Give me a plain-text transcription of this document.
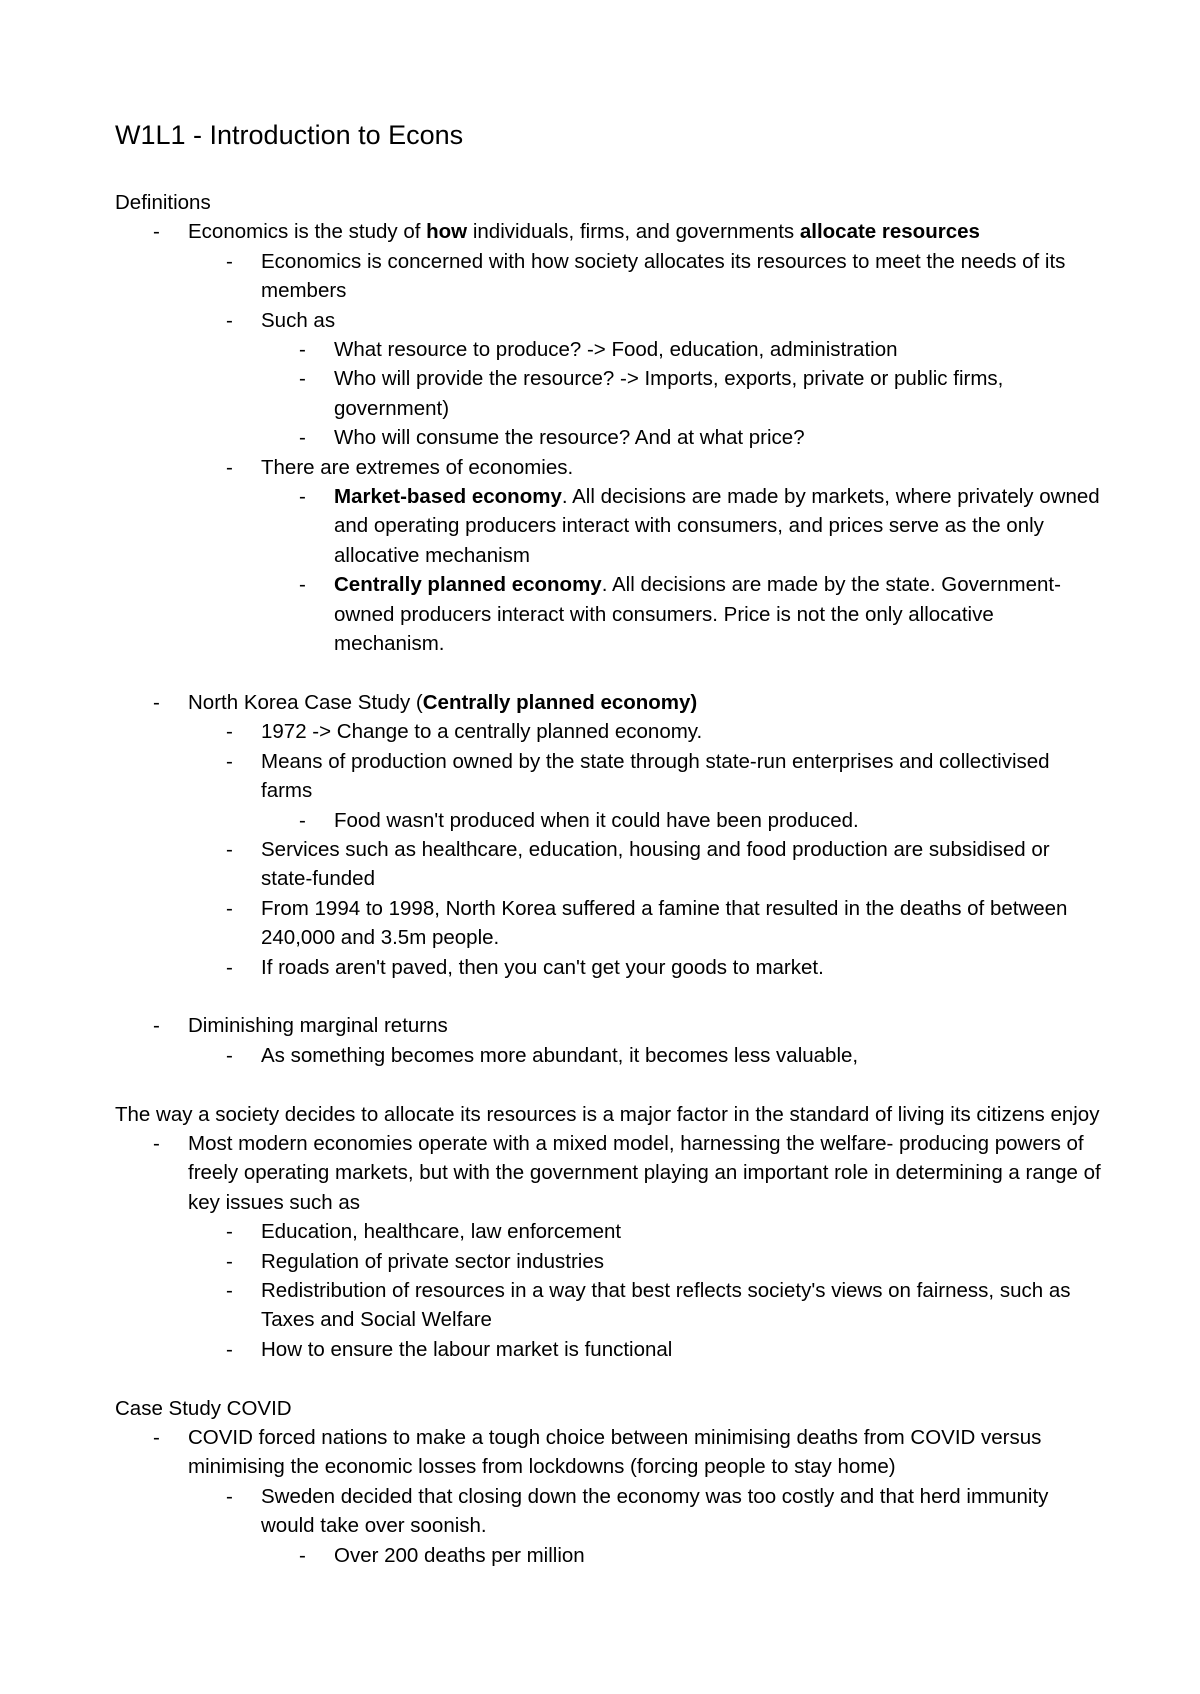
W1L1 - Introduction to Econs

Definitions

- Economics is the study of how individuals, firms, and governments allocate resources
- Economics is concerned with how society allocates its resources to meet the needs of its members
- Such as
- What resource to produce? -> Food, education, administration
- Who will provide the resource? -> Imports, exports, private or public firms, government)
- Who will consume the resource? And at what price?
- There are extremes of economies.
- Market-based economy. All decisions are made by markets, where privately owned and operating producers interact with consumers, and prices serve as the only allocative mechanism
- Centrally planned economy. All decisions are made by the state. Government-owned producers interact with consumers. Price is not the only allocative mechanism.
- North Korea Case Study (Centrally planned economy)
- 1972 -> Change to a centrally planned economy.
- Means of production owned by the state through state-run enterprises and collectivised farms
- Food wasn't produced when it could have been produced.
- Services such as healthcare, education, housing and food production are subsidised or state-funded
- From 1994 to 1998, North Korea suffered a famine that resulted in the deaths of between 240,000 and 3.5m people.
- If roads aren't paved, then you can't get your goods to market.
- Diminishing marginal returns
- As something becomes more abundant, it becomes less valuable,

The way a society decides to allocate its resources is a major factor in the standard of living its citizens enjoy

- Most modern economies operate with a mixed model, harnessing the welfare- producing powers of freely operating markets, but with the government playing an important role in determining a range of key issues such as
- Education, healthcare, law enforcement
- Regulation of private sector industries
- Redistribution of resources in a way that best reflects society's views on fairness, such as Taxes and Social Welfare
- How to ensure the labour market is functional

Case Study COVID

- COVID forced nations to make a tough choice between minimising deaths from COVID versus minimising the economic losses from lockdowns (forcing people to stay home)
- Sweden decided that closing down the economy was too costly and that herd immunity would take over soonish.
- Over 200 deaths per million
